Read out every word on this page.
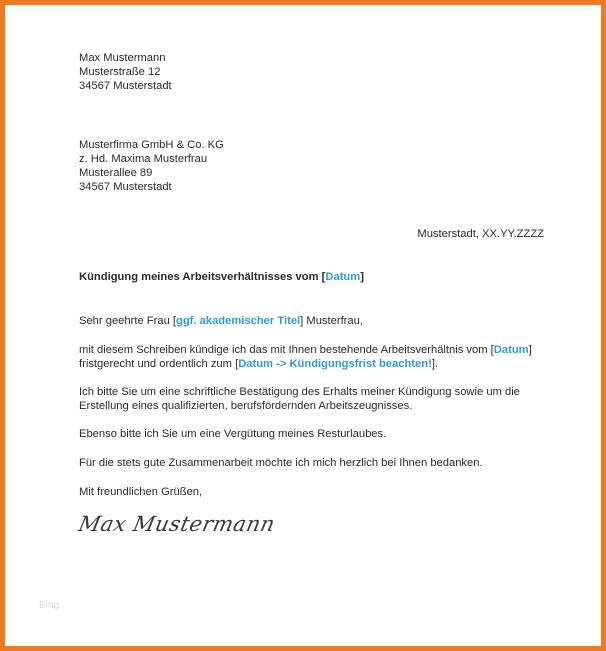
Max Mustermann
Musterstraße 12
34567 Musterstadt
Musterfirma GmbH & Co. KG
z. Hd. Maxima Musterfrau
Musterallee 89
34567 Musterstadt
Musterstadt, XX.YY.ZZZZ
Kündigung meines Arbeitsverhältnisses vom [Datum]
Sehr geehrte Frau [ggf. akademischer Titel] Musterfrau,
mit diesem Schreiben kündige ich das mit Ihnen bestehende Arbeitsverhältnis vom [Datum]
fristgerecht und ordentlich zum [Datum -> Kündigungsfrist beachten!].
Ich bitte Sie um eine schriftliche Bestätigung des Erhalts meiner Kündigung sowie um die
Erstellung eines qualifizierten, berufsfördernden Arbeitszeugnisses.
Ebenso bitte ich Sie um eine Vergütung meines Resturlaubes.
Für die stets gute Zusammenarbeit möchte ich mich herzlich bei Ihnen bedanken.
Mit freundlichen Grüßen,
Max Mustermann
Bing
